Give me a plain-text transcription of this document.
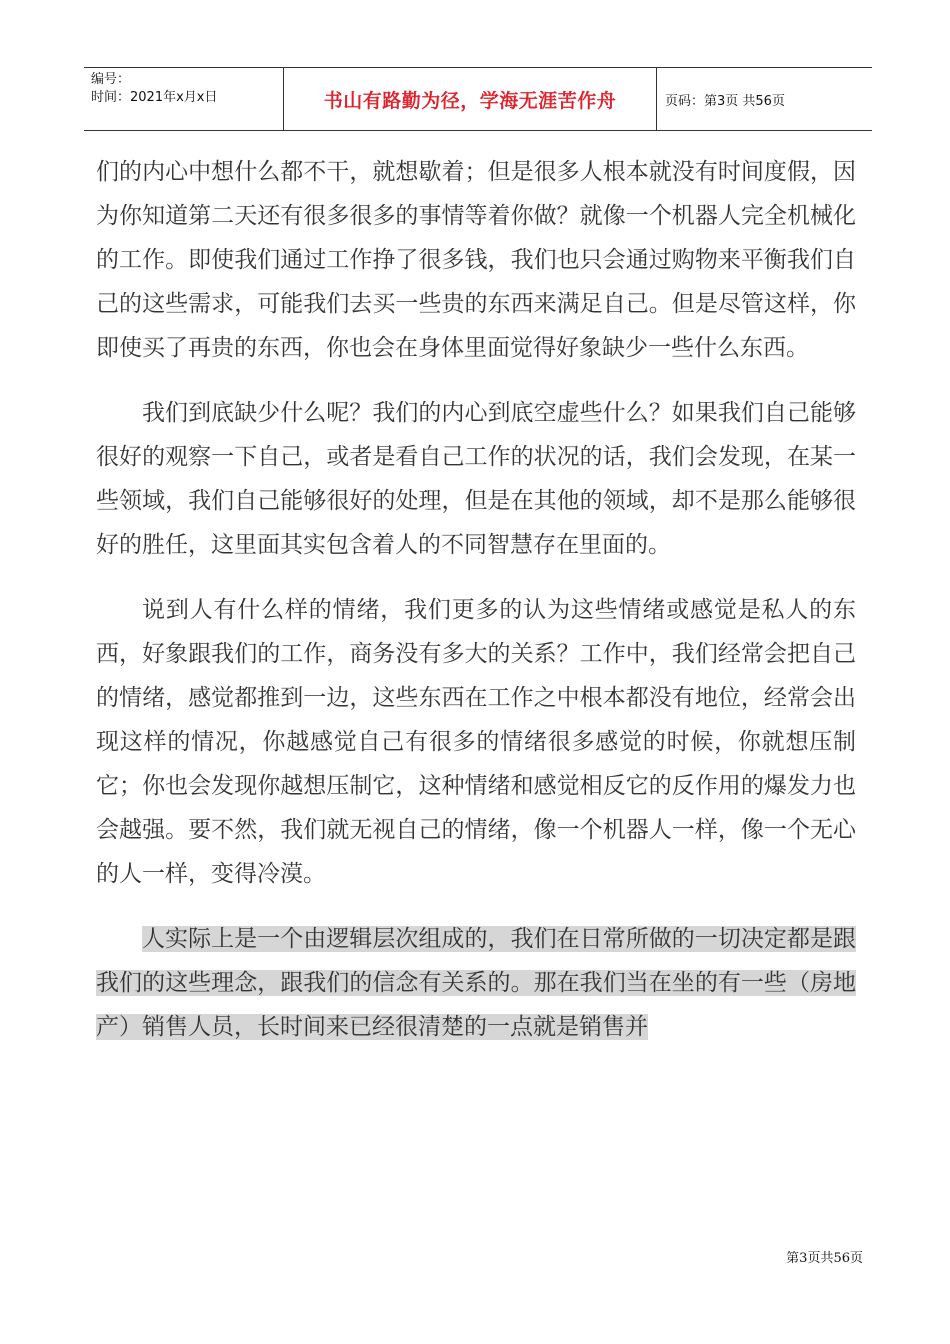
编号：
时间：2021年x月x日	书山有路勤为径，学海无涯苦作舟	页码：第3页 共56页

们的内心中想什么都不干，就想歇着；但是很多人根本就没有时间度假，因为你知道第二天还有很多很多的事情等着你做？就像一个机器人完全机械化的工作。即使我们通过工作挣了很多钱，我们也只会通过购物来平衡我们自己的这些需求，可能我们去买一些贵的东西来满足自己。但是尽管这样，你即使买了再贵的东西，你也会在身体里面觉得好象缺少一些什么东西。

我们到底缺少什么呢？我们的内心到底空虚些什么？如果我们自己能够很好的观察一下自己，或者是看自己工作的状况的话，我们会发现，在某一些领域，我们自己能够很好的处理，但是在其他的领域，却不是那么能够很好的胜任，这里面其实包含着人的不同智慧存在里面的。

说到人有什么样的情绪，我们更多的认为这些情绪或感觉是私人的东西，好象跟我们的工作，商务没有多大的关系？工作中，我们经常会把自己的情绪，感觉都推到一边，这些东西在工作之中根本都没有地位，经常会出现这样的情况，你越感觉自己有很多的情绪很多感觉的时候，你就想压制它；你也会发现你越想压制它，这种情绪和感觉相反它的反作用的爆发力也会越强。要不然，我们就无视自己的情绪，像一个机器人一样，像一个无心的人一样，变得冷漠。

人实际上是一个由逻辑层次组成的，我们在日常所做的一切决定都是跟我们的这些理念，跟我们的信念有关系的。那在我们当在坐的有一些（房地产）销售人员，长时间来已经很清楚的一点就是销售并

第3页共56页
